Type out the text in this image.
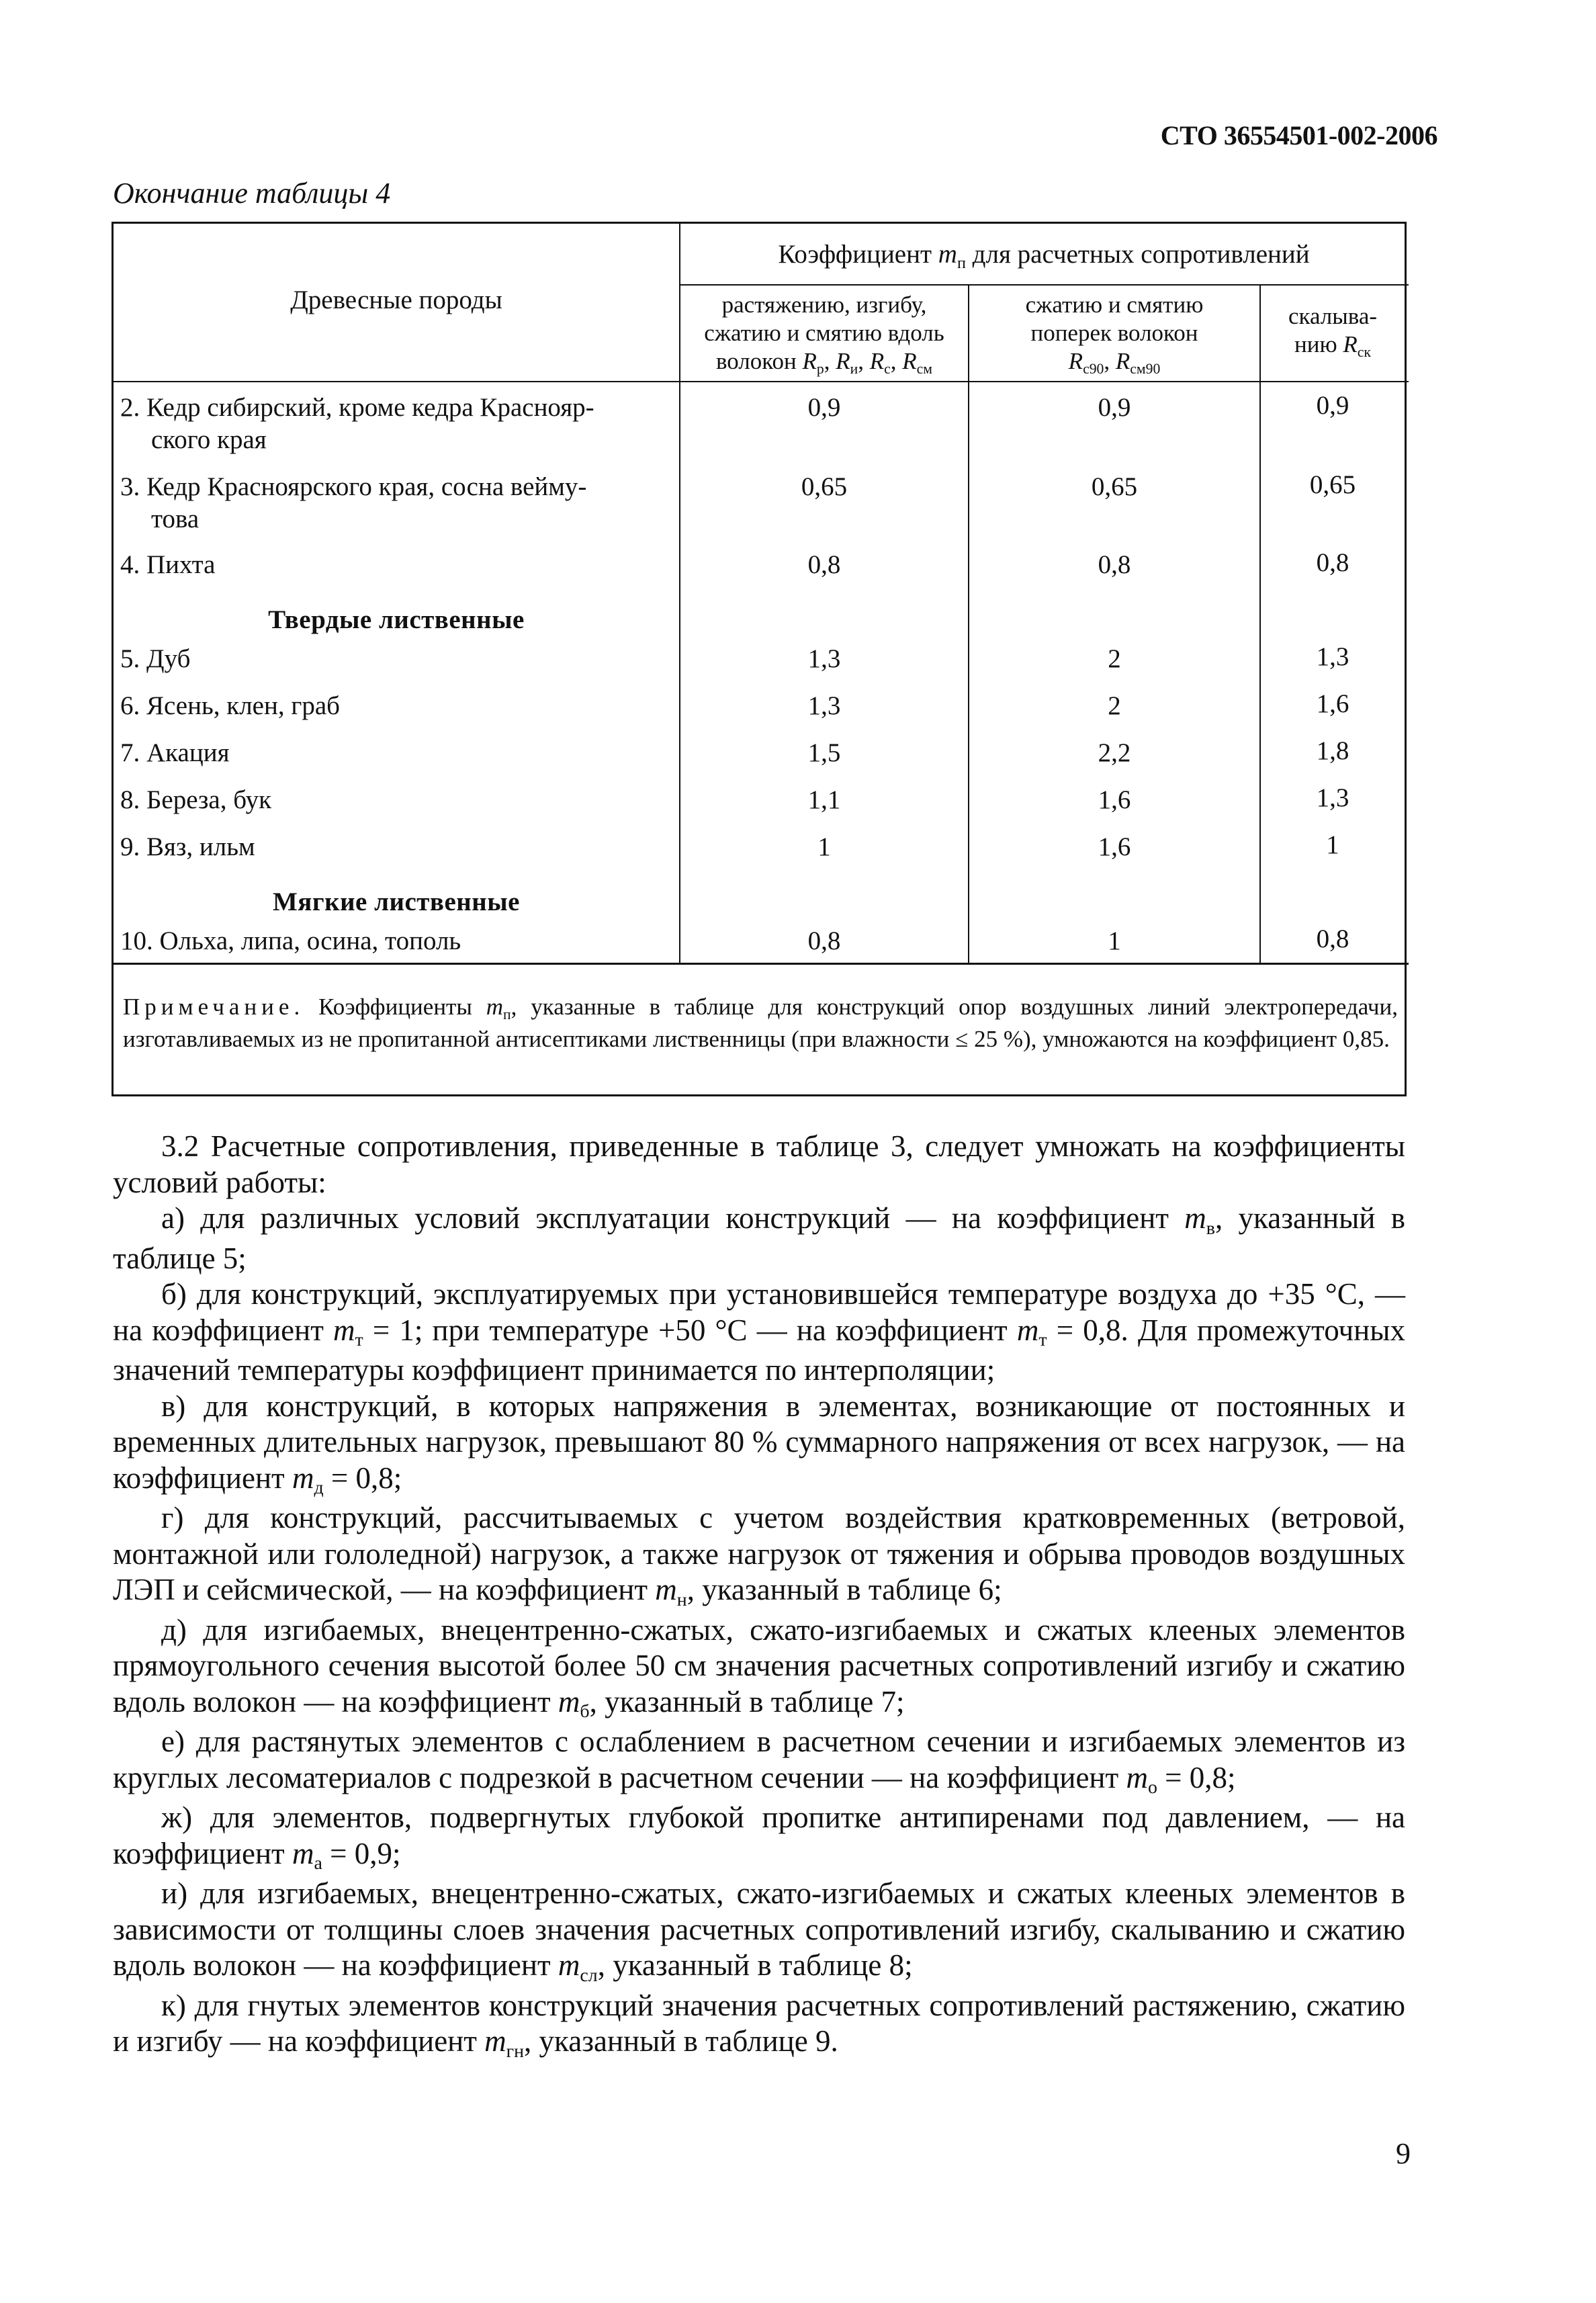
СТО 36554501-002-2006
Окончание таблицы 4
Древесные породы
Коэффициент mп для расчетных сопротивлений
растяжению, изгибу,
сжатию и смятию вдоль
волокон Rр, Rи, Rс, Rсм
сжатию и смятию
поперек волокон
Rс90, Rсм90
2. Кедр сибирский, кроме кедра Краснояр-
ского края
3. Кедр Красноярского края, сосна вейму-
това
4. Пихта
Твердые лиственные
5. Дуб
6. Ясень, клен, граб
7. Акация
8. Береза, бук
9. Вяз, ильм
Мягкие лиственные
10. Ольха, липа, осина, тополь
0,9
0,65
0,8
1,3
1,3
1,5
1,1
1
0,8
0,9
0,65
0,8
2
2
2,2
1,6
1,6
1
Примечание. Коэффициенты mп, указанные в таблице для конструкций опор воздушных линий электропередачи, изготавливаемых из не пропитанной антисептиками лиственницы (при влажности ≤ 25 %), умножаются на коэффициент 0,85.
скалыва-
нию Rск
0,9
0,65
0,8
1,3
1,6
1,8
1,3
1
0,8

3.2 Расчетные сопротивления, приведенные в таблице 3, следует умножать на коэффициенты условий работы:

а) для различных условий эксплуатации конструкций — на коэффициент mв, указанный в таблице 5;

б) для конструкций, эксплуатируемых при установившейся температуре воздуха до +35 °С, — на коэффициент mт = 1; при температуре +50 °С — на коэффициент mт = 0,8. Для промежуточных значений температуры коэффициент принимается по интерполяции;

в) для конструкций, в которых напряжения в элементах, возникающие от постоянных и временных длительных нагрузок, превышают 80 % суммарного напряжения от всех нагрузок, — на коэффициент mд = 0,8;

г) для конструкций, рассчитываемых с учетом воздействия кратковременных (ветровой, монтажной или гололедной) нагрузок, а также нагрузок от тяжения и обрыва проводов воздушных ЛЭП и сейсмической, — на коэффициент mн, указанный в таблице 6;

д) для изгибаемых, внецентренно-сжатых, сжато-изгибаемых и сжатых клееных элементов прямоугольного сечения высотой более 50 см значения расчетных сопротивлений изгибу и сжатию вдоль волокон — на коэффициент mб, указанный в таблице 7;

е) для растянутых элементов с ослаблением в расчетном сечении и изгибаемых элементов из круглых лесоматериалов с подрезкой в расчетном сечении — на коэффициент mо = 0,8;

ж) для элементов, подвергнутых глубокой пропитке антипиренами под давлением, — на коэффициент mа = 0,9;

и) для изгибаемых, внецентренно-сжатых, сжато-изгибаемых и сжатых клееных элементов в зависимости от толщины слоев значения расчетных сопротивлений изгибу, скалыванию и сжатию вдоль волокон — на коэффициент mсл, указанный в таблице 8;

к) для гнутых элементов конструкций значения расчетных сопротивлений растяжению, сжатию и изгибу — на коэффициент mгн, указанный в таблице 9.

9
